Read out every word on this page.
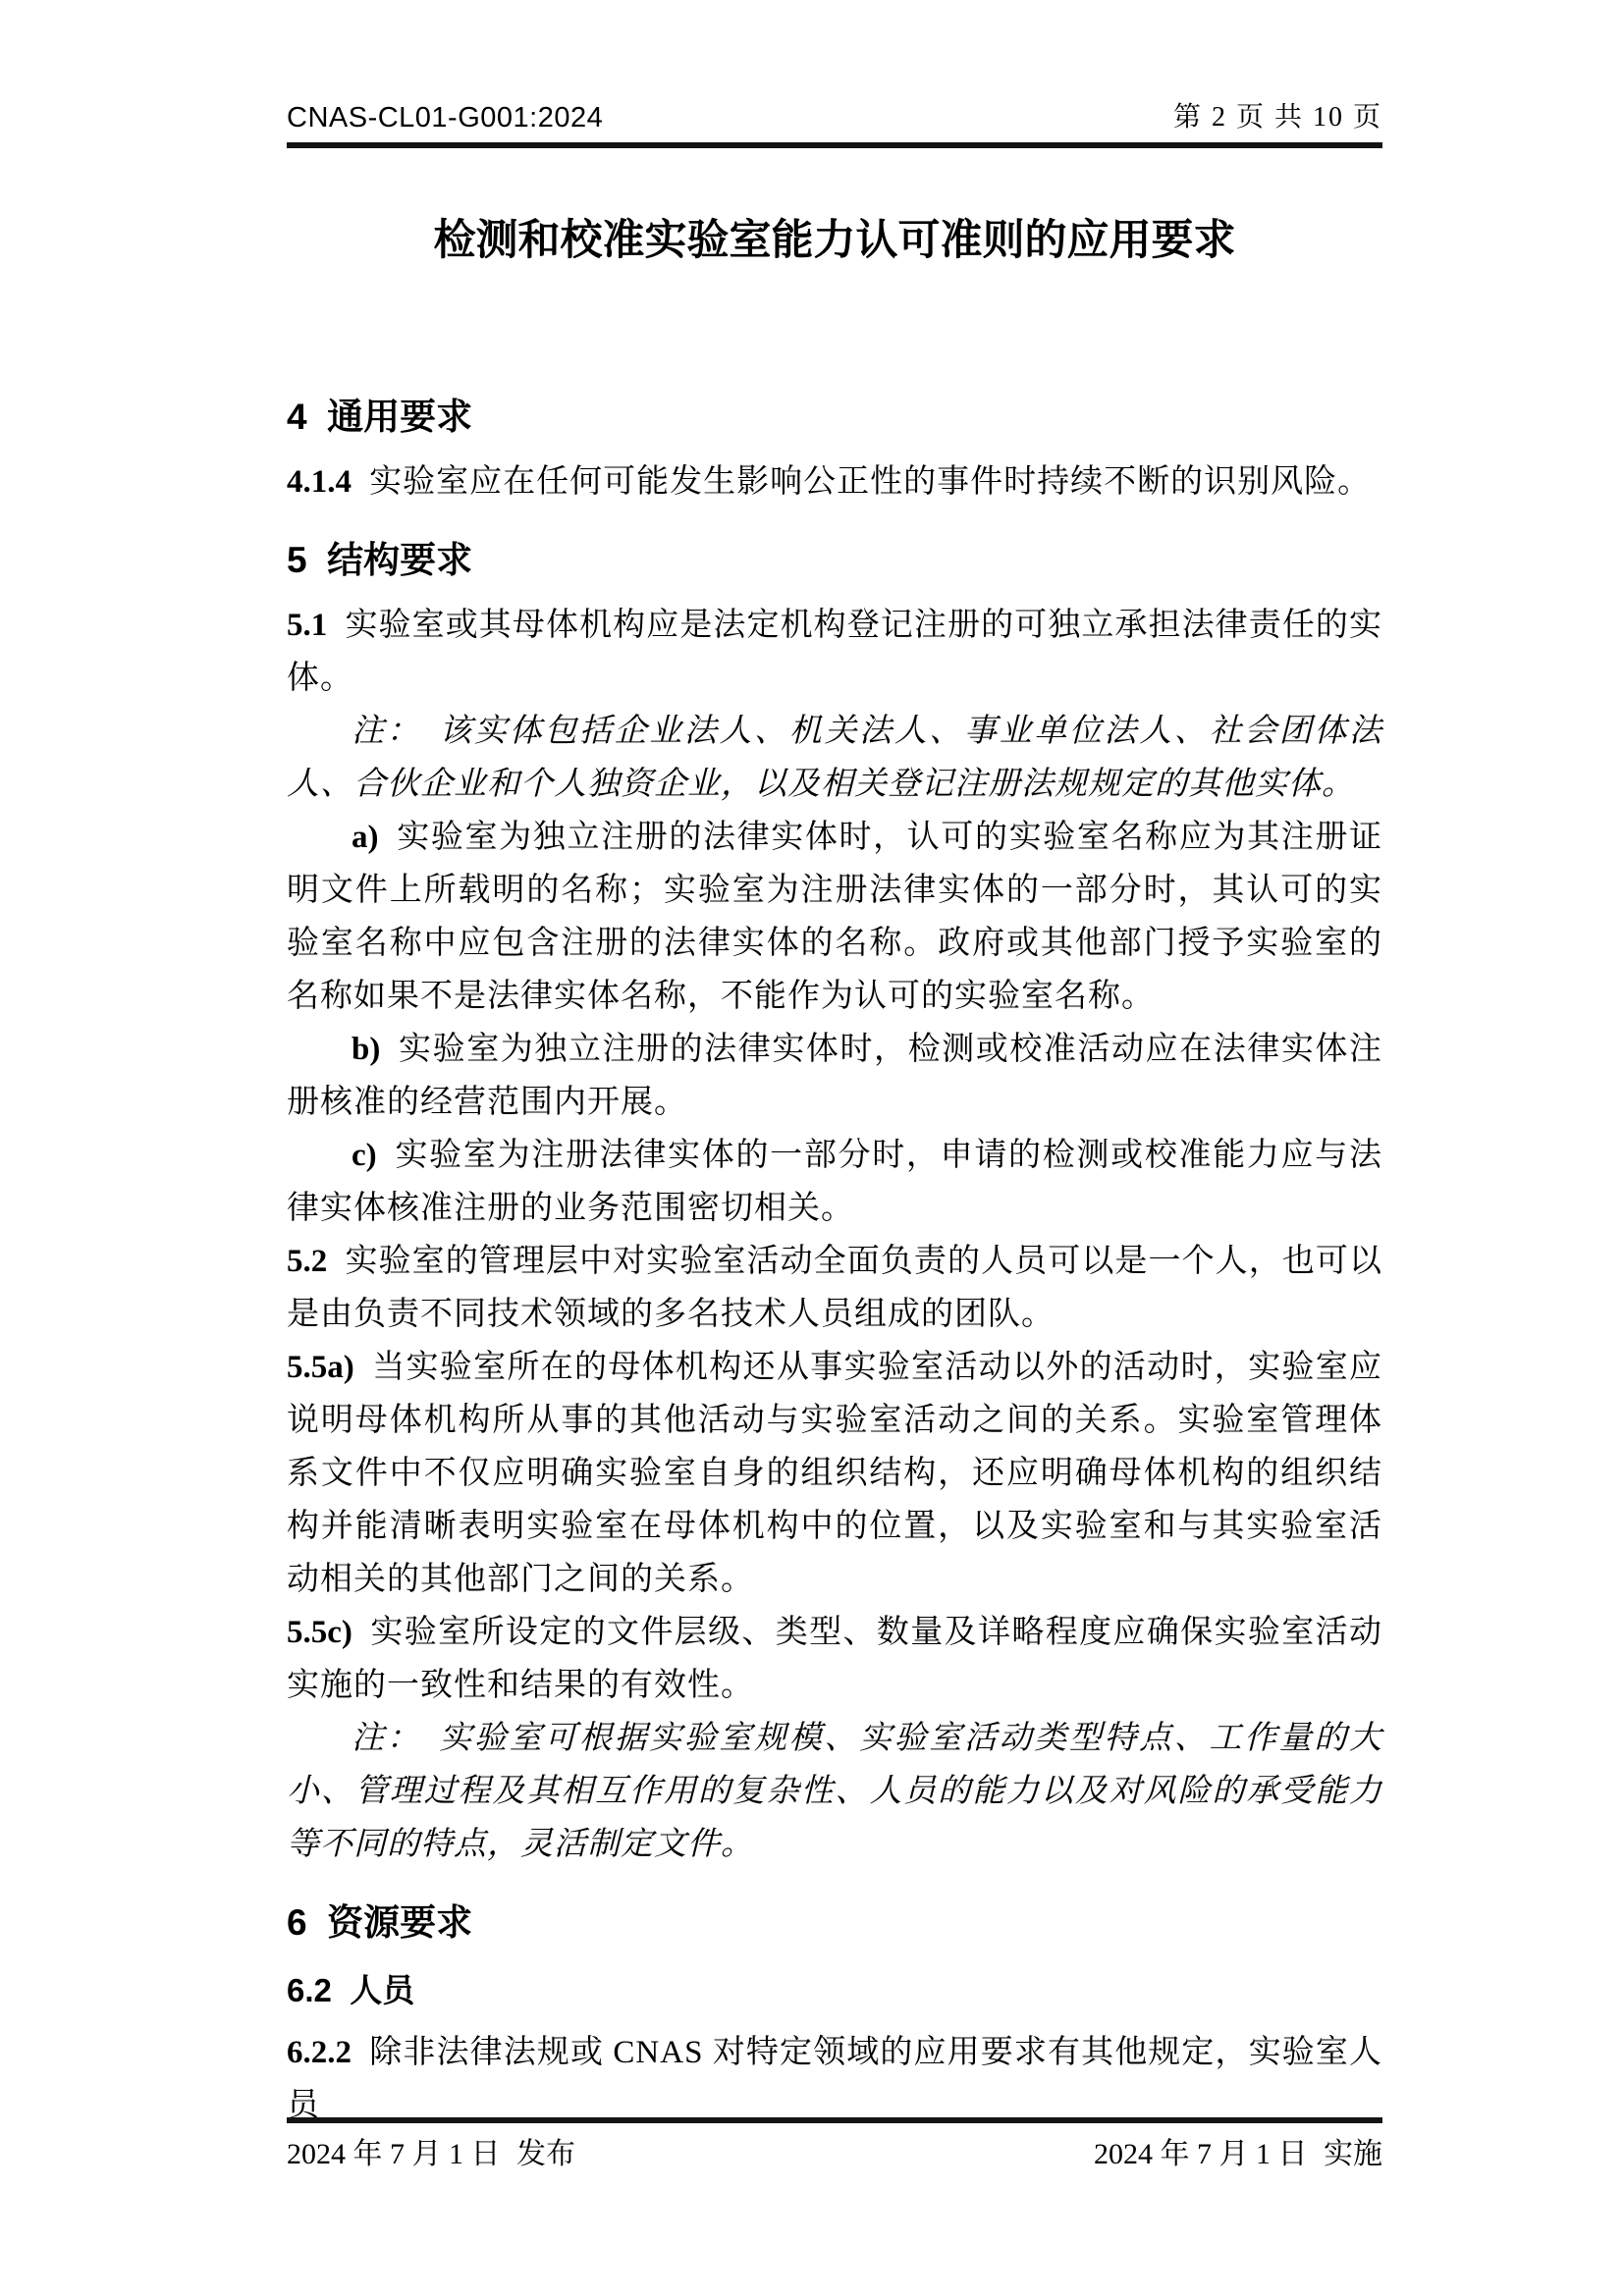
CNAS-CL01-G001:2024	第 2 页 共 10 页
检测和校准实验室能力认可准则的应用要求
4  通用要求
4.1.4 实验室应在任何可能发生影响公正性的事件时持续不断的识别风险。
5  结构要求
5.1 实验室或其母体机构应是法定机构登记注册的可独立承担法律责任的实体。
注： 该实体包括企业法人、机关法人、事业单位法人、社会团体法人、合伙企业和个人独资企业，以及相关登记注册法规规定的其他实体。
a) 实验室为独立注册的法律实体时，认可的实验室名称应为其注册证明文件上所载明的名称；实验室为注册法律实体的一部分时，其认可的实验室名称中应包含注册的法律实体的名称。政府或其他部门授予实验室的名称如果不是法律实体名称，不能作为认可的实验室名称。
b) 实验室为独立注册的法律实体时，检测或校准活动应在法律实体注册核准的经营范围内开展。
c) 实验室为注册法律实体的一部分时，申请的检测或校准能力应与法律实体核准注册的业务范围密切相关。
5.2 实验室的管理层中对实验室活动全面负责的人员可以是一个人，也可以是由负责不同技术领域的多名技术人员组成的团队。
5.5a) 当实验室所在的母体机构还从事实验室活动以外的活动时，实验室应说明母体机构所从事的其他活动与实验室活动之间的关系。实验室管理体系文件中不仅应明确实验室自身的组织结构，还应明确母体机构的组织结构并能清晰表明实验室在母体机构中的位置，以及实验室和与其实验室活动相关的其他部门之间的关系。
5.5c) 实验室所设定的文件层级、类型、数量及详略程度应确保实验室活动实施的一致性和结果的有效性。
注： 实验室可根据实验室规模、实验室活动类型特点、工作量的大小、管理过程及其相互作用的复杂性、人员的能力以及对风险的承受能力等不同的特点，灵活制定文件。
6  资源要求
6.2  人员
6.2.2 除非法律法规或 CNAS 对特定领域的应用要求有其他规定，实验室人员
2024 年 7 月 1 日 发布	2024 年 7 月 1 日 实施
